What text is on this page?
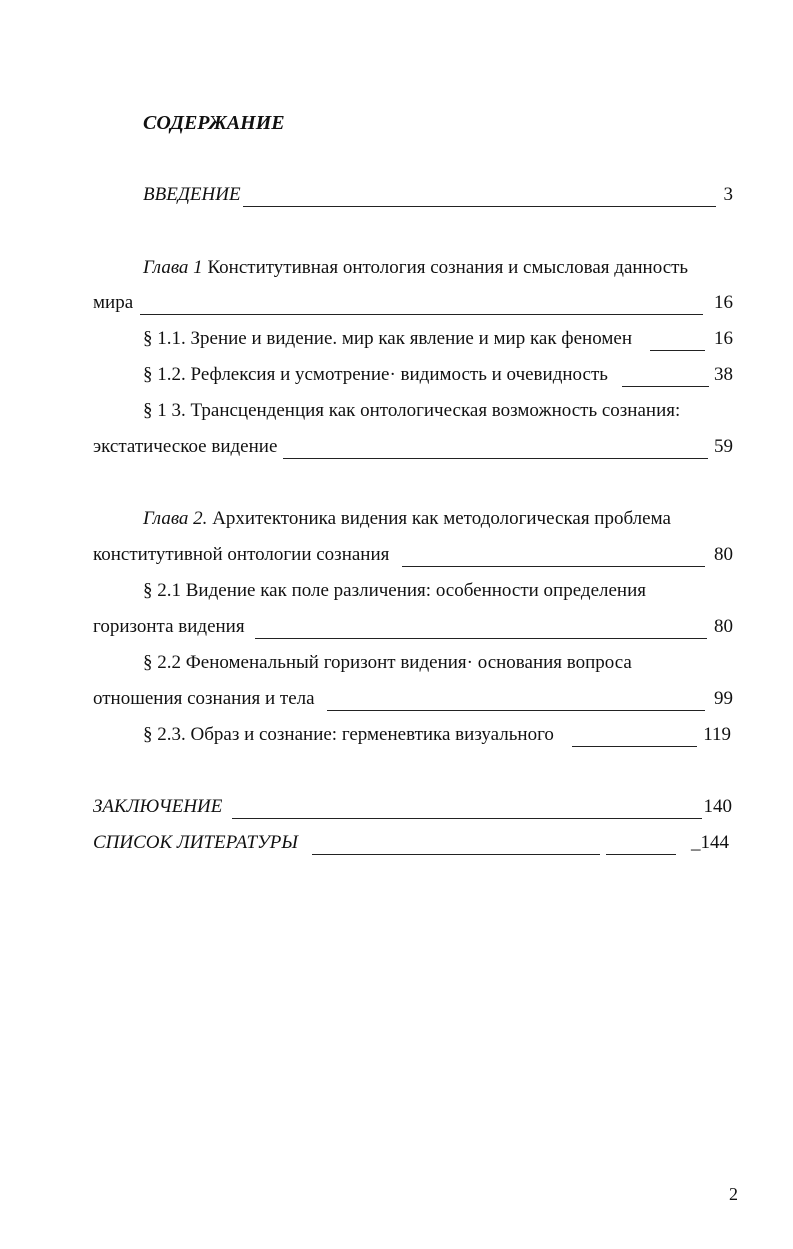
СОДЕРЖАНИЕ
ВВЕДЕНИЕ	3
Глава 1 Конститутивная онтология сознания и смысловая данность
мира	16
§ 1.1. Зрение и видение. мир как явление и мир как феномен	16
§ 1.2. Рефлексия и усмотрение· видимость и очевидность	38
§ 1 3. Трансценденция как онтологическая возможность сознания:
экстатическое видение	59
Глава 2. Архитектоника видения как методологическая проблема
конститутивной онтологии сознания	80
§ 2.1 Видение как поле различения: особенности определения
горизонта видения	80
§ 2.2 Феноменальный горизонт видения· основания вопроса
отношения сознания и тела	99
§ 2.3. Образ и сознание: герменевтика визуального	119
ЗАКЛЮЧЕНИЕ	140
СПИСОК ЛИТЕРАТУРЫ	_144
2
